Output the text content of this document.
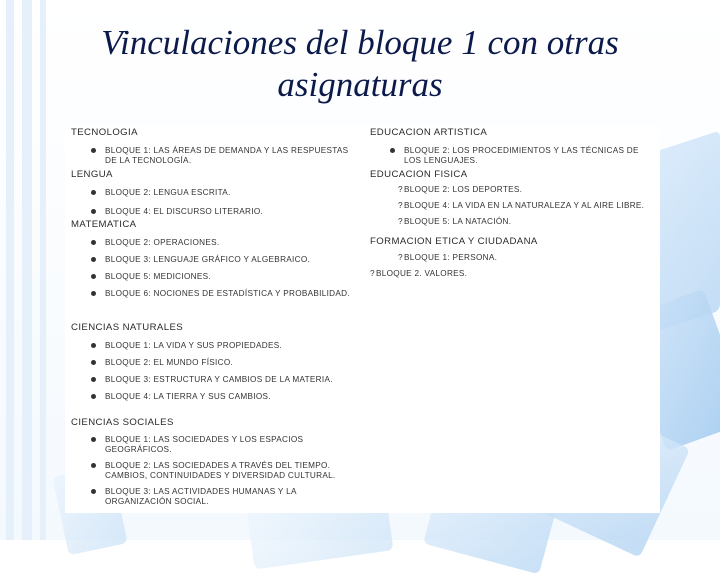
Vinculaciones del bloque 1 con otras asignaturas

TECNOLOGIA

BLOQUE 1: LAS ÁREAS DE DEMANDA Y LAS RESPUESTAS DE LA TECNOLOGÍA.

LENGUA

BLOQUE 2: LENGUA ESCRITA.

BLOQUE 4: EL DISCURSO LITERARIO.

MATEMATICA

BLOQUE 2: OPERACIONES.

BLOQUE 3: LENGUAJE GRÁFICO Y ALGEBRAICO.

BLOQUE 5: MEDICIONES.

BLOQUE 6: NOCIONES DE ESTADÍSTICA Y PROBABILIDAD.

CIENCIAS NATURALES

BLOQUE 1: LA VIDA Y SUS PROPIEDADES.

BLOQUE 2: EL MUNDO FÍSICO.

BLOQUE 3: ESTRUCTURA Y CAMBIOS DE LA MATERIA.

BLOQUE 4: LA TIERRA Y SUS CAMBIOS.

CIENCIAS SOCIALES

BLOQUE 1: LAS SOCIEDADES Y LOS ESPACIOS GEOGRÁFICOS.

BLOQUE 2: LAS SOCIEDADES A TRAVÉS DEL TIEMPO. CAMBIOS, CONTINUIDADES Y DIVERSIDAD CULTURAL.

BLOQUE 3: LAS ACTIVIDADES HUMANAS Y LA ORGANIZACIÓN SOCIAL.

EDUCACION ARTISTICA

BLOQUE 2: LOS PROCEDIMIENTOS Y LAS TÉCNICAS DE LOS LENGUAJES.

EDUCACION FISICA

?BLOQUE 2: LOS DEPORTES.

?BLOQUE 4: LA VIDA EN LA NATURALEZA Y AL AIRE LIBRE.

?BLOQUE 5: LA NATACIÓN.

FORMACION ETICA Y CIUDADANA

?BLOQUE 1: PERSONA.

?BLOQUE 2. VALORES.
